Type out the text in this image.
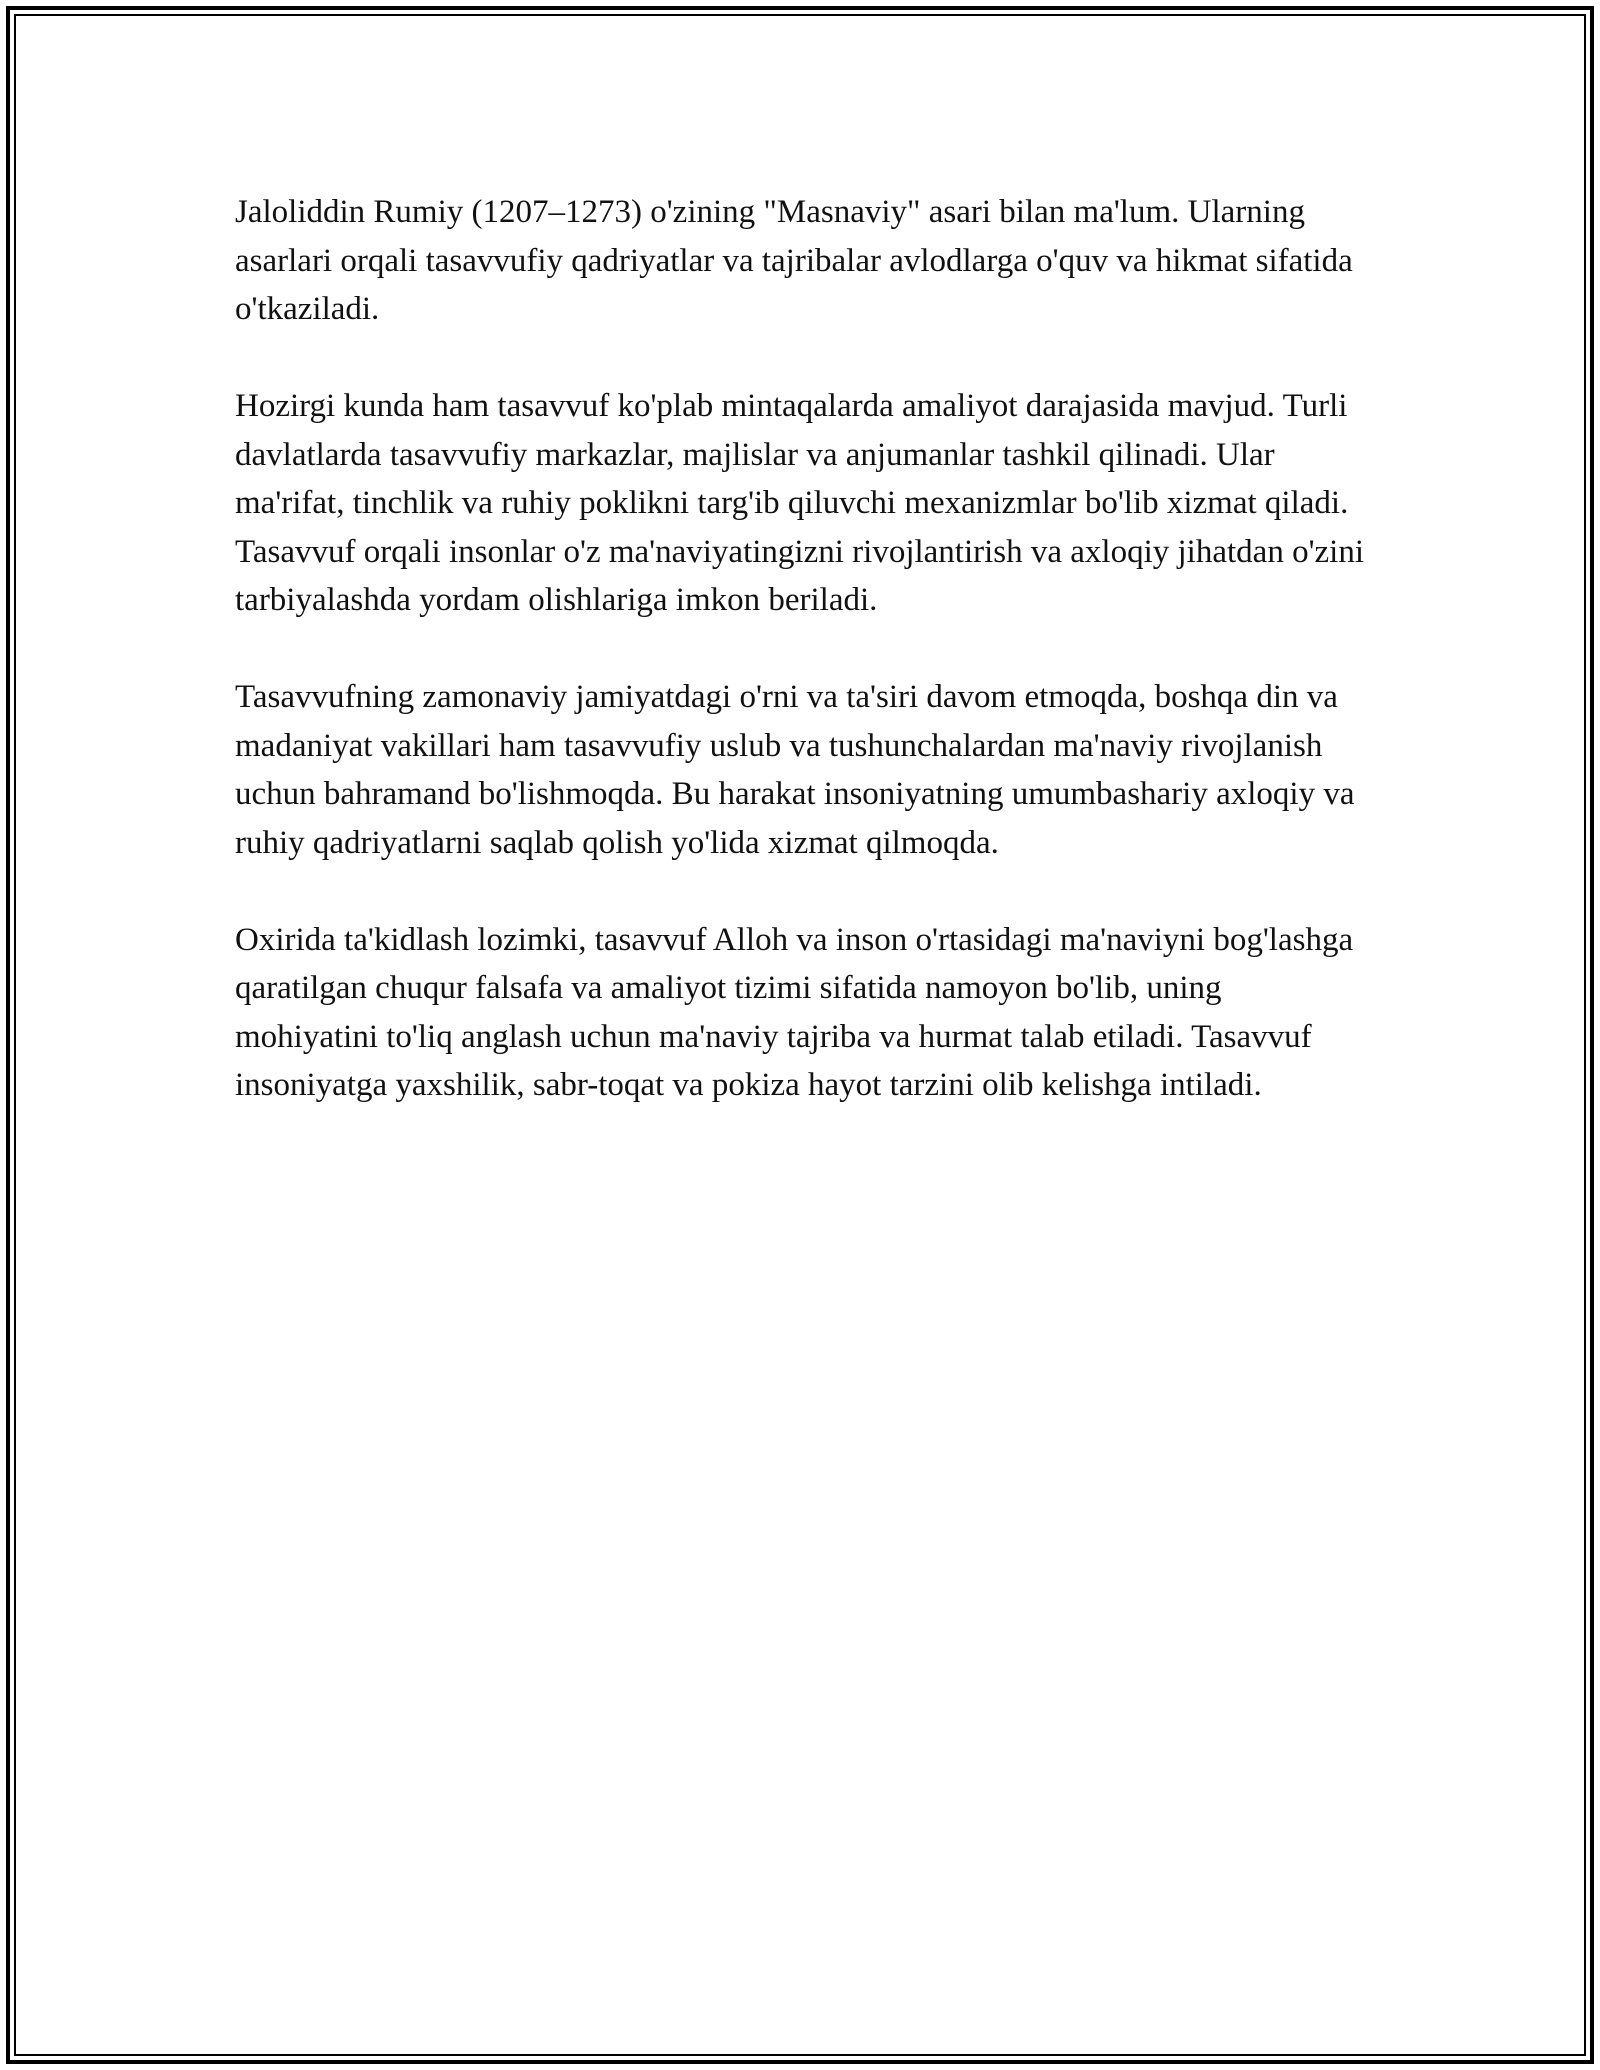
Jaloliddin Rumiy (1207–1273) o'zining "Masnaviy" asari bilan ma'lum. Ularning asarlari orqali tasavvufiy qadriyatlar va tajribalar avlodlarga o'quv va hikmat sifatida o'tkaziladi.

Hozirgi kunda ham tasavvuf ko'plab mintaqalarda amaliyot darajasida mavjud. Turli davlatlarda tasavvufiy markazlar, majlislar va anjumanlar tashkil qilinadi. Ular ma'rifat, tinchlik va ruhiy poklikni targ'ib qiluvchi mexanizmlar bo'lib xizmat qiladi. Tasavvuf orqali insonlar o'z ma'naviyatingizni rivojlantirish va axloqiy jihatdan o'zini tarbiyalashda yordam olishlariga imkon beriladi.

Tasavvufning zamonaviy jamiyatdagi o'rni va ta'siri davom etmoqda, boshqa din va madaniyat vakillari ham tasavvufiy uslub va tushunchalardan ma'naviy rivojlanish uchun bahramand bo'lishmoqda. Bu harakat insoniyatning umumbashariy axloqiy va ruhiy qadriyatlarni saqlab qolish yo'lida xizmat qilmoqda.

Oxirida ta'kidlash lozimki, tasavvuf Alloh va inson o'rtasidagi ma'naviyni bog'lashga qaratilgan chuqur falsafa va amaliyot tizimi sifatida namoyon bo'lib, uning mohiyatini to'liq anglash uchun ma'naviy tajriba va hurmat talab etiladi. Tasavvuf insoniyatga yaxshilik, sabr-toqat va pokiza hayot tarzini olib kelishga intiladi.
